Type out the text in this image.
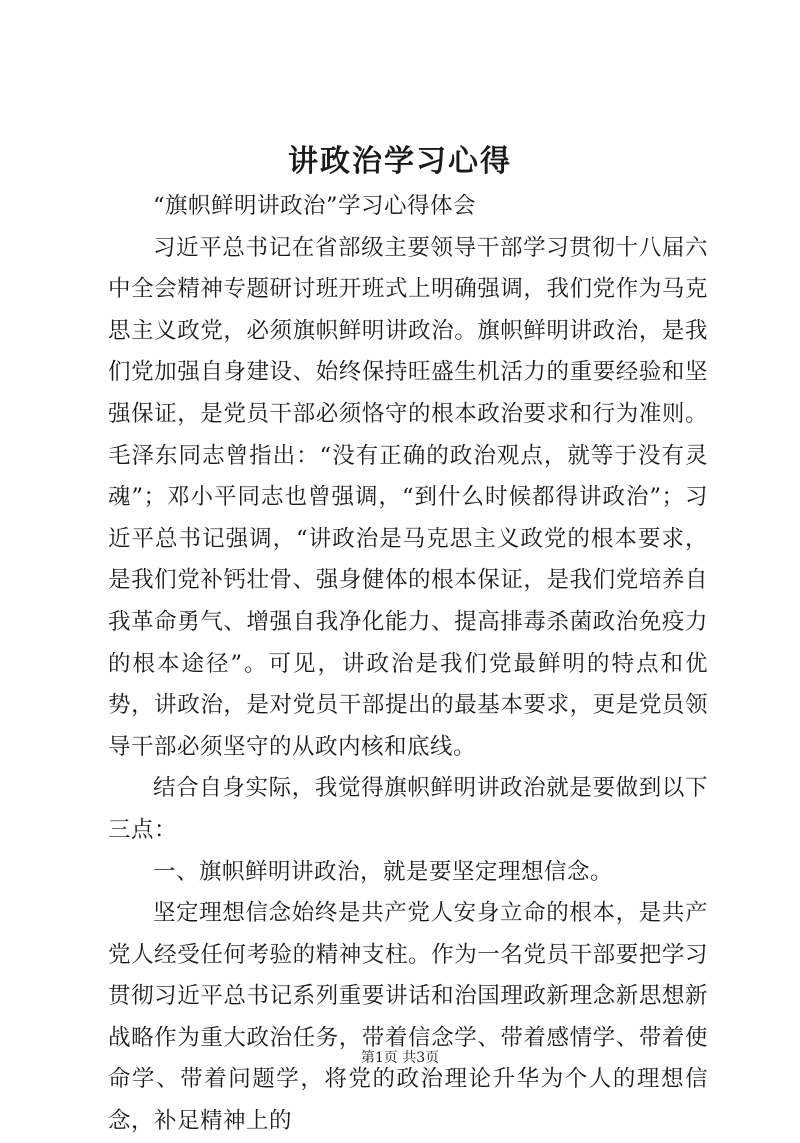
讲政治学习心得

“旗帜鲜明讲政治”学习心得体会

习近平总书记在省部级主要领导干部学习贯彻十八届六中全会精神专题研讨班开班式上明确强调，我们党作为马克思主义政党，必须旗帜鲜明讲政治。旗帜鲜明讲政治，是我们党加强自身建设、始终保持旺盛生机活力的重要经验和坚强保证，是党员干部必须恪守的根本政治要求和行为准则。毛泽东同志曾指出：“没有正确的政治观点，就等于没有灵魂”；邓小平同志也曾强调，“到什么时候都得讲政治”；习近平总书记强调，“讲政治是马克思主义政党的根本要求，是我们党补钙壮骨、强身健体的根本保证，是我们党培养自我革命勇气、增强自我净化能力、提高排毒杀菌政治免疫力的根本途径”。可见，讲政治是我们党最鲜明的特点和优势，讲政治，是对党员干部提出的最基本要求，更是党员领导干部必须坚守的从政内核和底线。

结合自身实际，我觉得旗帜鲜明讲政治就是要做到以下三点：

一、旗帜鲜明讲政治，就是要坚定理想信念。

坚定理想信念始终是共产党人安身立命的根本，是共产党人经受任何考验的精神支柱。作为一名党员干部要把学习贯彻习近平总书记系列重要讲话和治国理政新理念新思想新战略作为重大政治任务，带着信念学、带着感情学、带着使命学、带着问题学，将党的政治理论升华为个人的理想信念，补足精神上的

第1页 共3页
